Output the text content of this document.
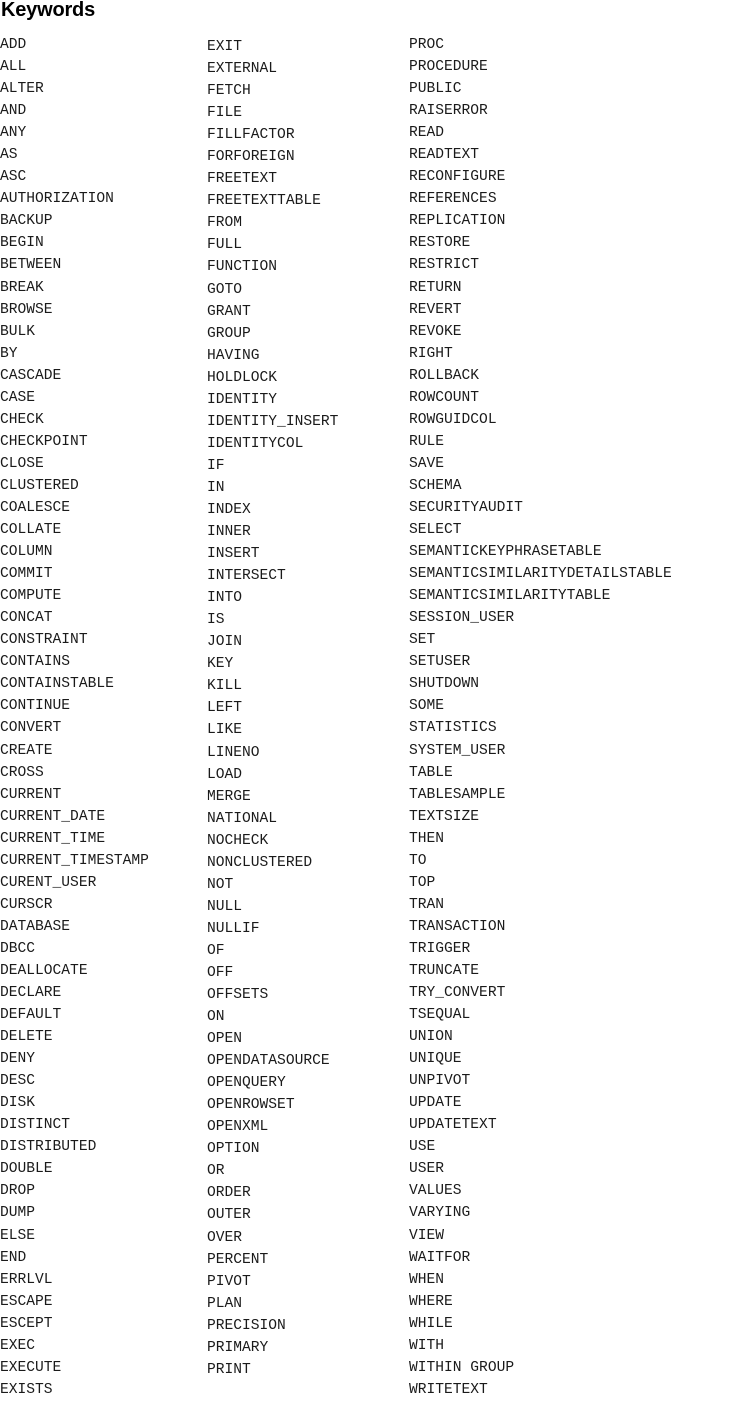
Keywords
ADD
ALL
ALTER
AND
ANY
AS
ASC
AUTHORIZATION
BACKUP
BEGIN
BETWEEN
BREAK
BROWSE
BULK
BY
CASCADE
CASE
CHECK
CHECKPOINT
CLOSE
CLUSTERED
COALESCE
COLLATE
COLUMN
COMMIT
COMPUTE
CONCAT
CONSTRAINT
CONTAINS
CONTAINSTABLE
CONTINUE
CONVERT
CREATE
CROSS
CURRENT
CURRENT_DATE
CURRENT_TIME
CURRENT_TIMESTAMP
CURENT_USER
CURSCR
DATABASE
DBCC
DEALLOCATE
DECLARE
DEFAULT
DELETE
DENY
DESC
DISK
DISTINCT
DISTRIBUTED
DOUBLE
DROP
DUMP
ELSE
END
ERRLVL
ESCAPE
ESCEPT
EXEC
EXECUTE
EXISTS
EXIT
EXTERNAL
FETCH
FILE
FILLFACTOR
FORFOREIGN
FREETEXT
FREETEXTTABLE
FROM
FULL
FUNCTION
GOTO
GRANT
GROUP
HAVING
HOLDLOCK
IDENTITY
IDENTITY_INSERT
IDENTITYCOL
IF
IN
INDEX
INNER
INSERT
INTERSECT
INTO
IS
JOIN
KEY
KILL
LEFT
LIKE
LINENO
LOAD
MERGE
NATIONAL
NOCHECK
NONCLUSTERED
NOT
NULL
NULLIF
OF
OFF
OFFSETS
ON
OPEN
OPENDATASOURCE
OPENQUERY
OPENROWSET
OPENXML
OPTION
OR
ORDER
OUTER
OVER
PERCENT
PIVOT
PLAN
PRECISION
PRIMARY
PRINT
PROC
PROCEDURE
PUBLIC
RAISERROR
READ
READTEXT
RECONFIGURE
REFERENCES
REPLICATION
RESTORE
RESTRICT
RETURN
REVERT
REVOKE
RIGHT
ROLLBACK
ROWCOUNT
ROWGUIDCOL
RULE
SAVE
SCHEMA
SECURITYAUDIT
SELECT
SEMANTICKEYPHRASETABLE
SEMANTICSIMILARITYDETAILSTABLE
SEMANTICSIMILARITYTABLE
SESSION_USER
SET
SETUSER
SHUTDOWN
SOME
STATISTICS
SYSTEM_USER
TABLE
TABLESAMPLE
TEXTSIZE
THEN
TO
TOP
TRAN
TRANSACTION
TRIGGER
TRUNCATE
TRY_CONVERT
TSEQUAL
UNION
UNIQUE
UNPIVOT
UPDATE
UPDATETEXT
USE
USER
VALUES
VARYING
VIEW
WAITFOR
WHEN
WHERE
WHILE
WITH
WITHIN GROUP
WRITETEXT
